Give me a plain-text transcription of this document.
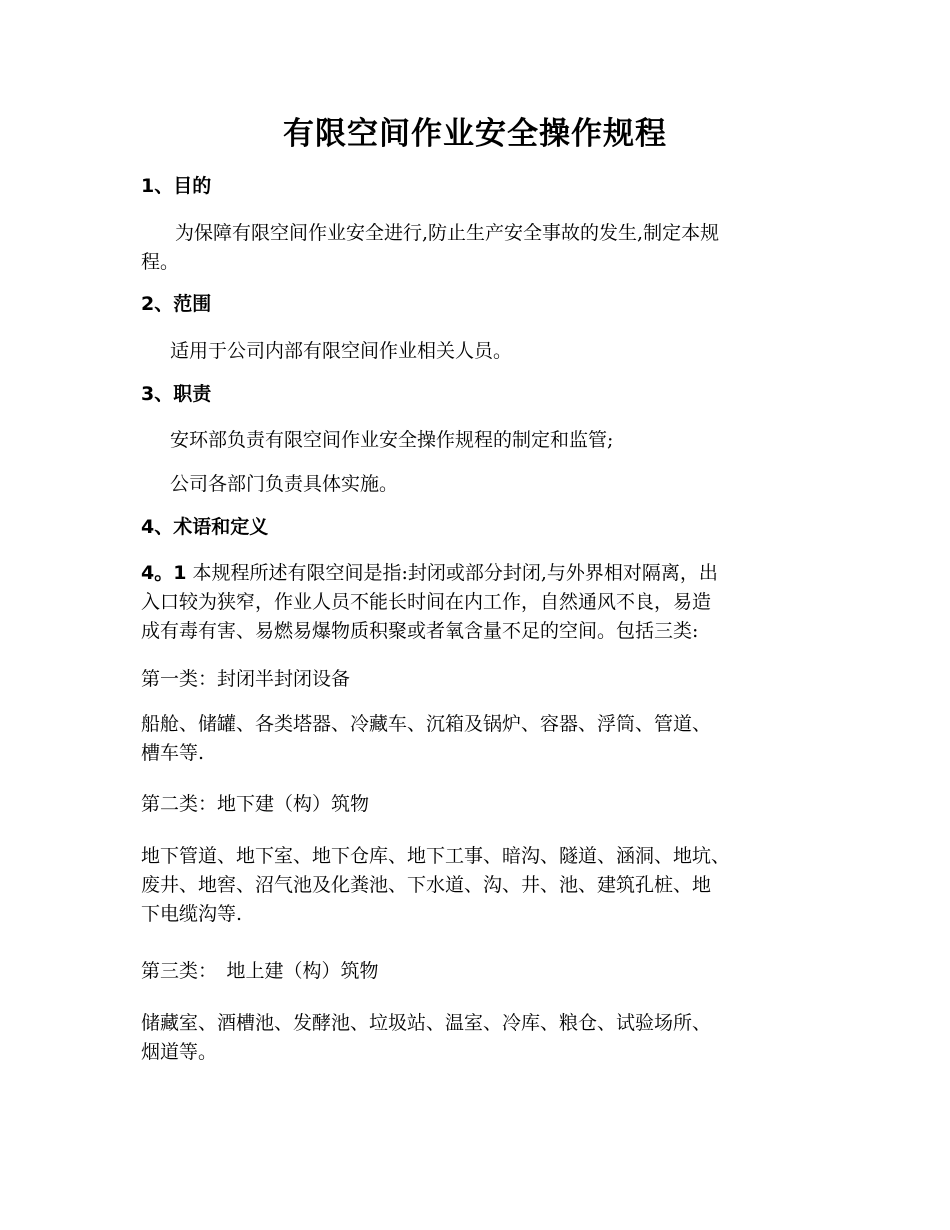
有限空间作业安全操作规程
1、目的
为保障有限空间作业安全进行,防止生产安全事故的发生,制定本规
程。
2、范围
适用于公司内部有限空间作业相关人员。
3、职责
安环部负责有限空间作业安全操作规程的制定和监管;
公司各部门负责具体实施。
4、术语和定义
4。1 本规程所述有限空间是指:封闭或部分封闭,与外界相对隔离，出
入口较为狭窄，作业人员不能长时间在内工作，自然通风不良，易造
成有毒有害、易燃易爆物质积聚或者氧含量不足的空间。包括三类:
第一类：封闭半封闭设备
船舱、储罐、各类塔器、冷藏车、沉箱及锅炉、容器、浮筒、管道、
槽车等.
第二类：地下建（构）筑物
地下管道、地下室、地下仓库、地下工事、暗沟、隧道、涵洞、地坑、
废井、地窖、沼气池及化粪池、下水道、沟、井、池、建筑孔桩、地
下电缆沟等.
第三类：　地上建（构）筑物
储藏室、酒槽池、发酵池、垃圾站、温室、冷库、粮仓、试验场所、
烟道等。
